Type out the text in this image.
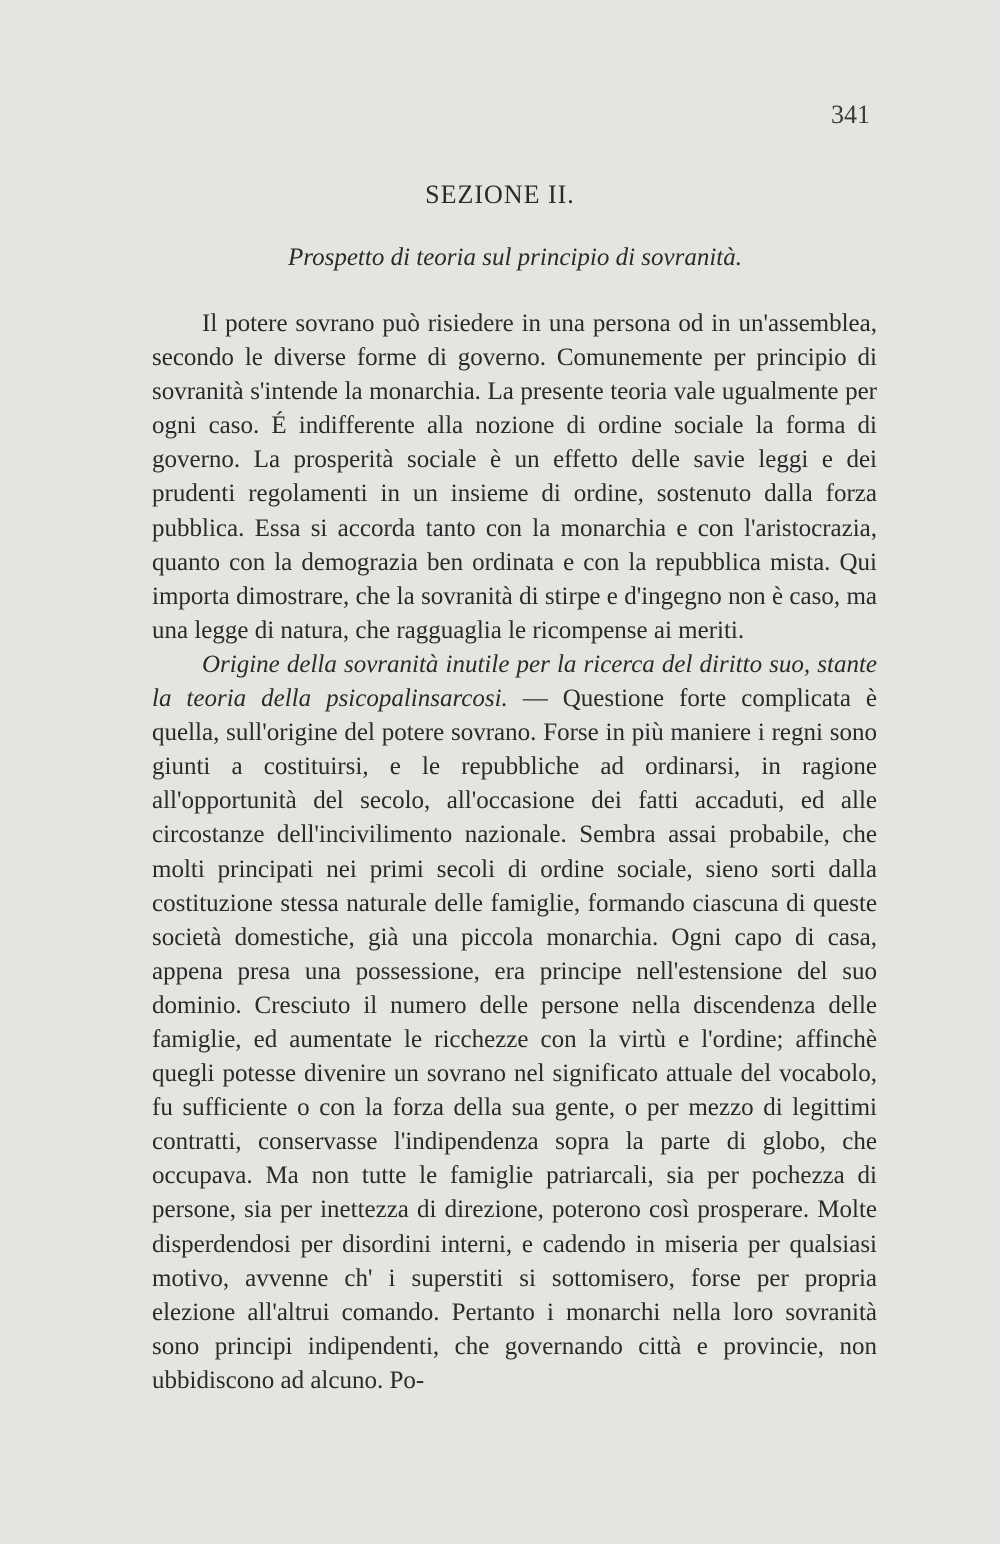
341
SEZIONE II.
Prospetto di teoria sul principio di sovranità.

Il potere sovrano può risiedere in una persona od in un'assemblea, secondo le diverse forme di governo. Comunemente per principio di sovranità s'intende la monarchia. La presente teoria vale ugualmente per ogni caso. É indifferente alla nozione di ordine sociale la forma di governo. La prosperità sociale è un effetto delle savie leggi e dei prudenti regolamenti in un insieme di ordine, sostenuto dalla forza pubblica. Essa si accorda tanto con la monarchia e con l'aristocrazia, quanto con la demograzia ben ordinata e con la repubblica mista. Qui importa dimostrare, che la sovranità di stirpe e d'ingegno non è caso, ma una legge di natura, che ragguaglia le ricompense ai meriti.

Origine della sovranità inutile per la ricerca del diritto suo, stante la teoria della psicopalinsarcosi. — Questione forte complicata è quella, sull'origine del potere sovrano. Forse in più maniere i regni sono giunti a costituirsi, e le repubbliche ad ordinarsi, in ragione all'opportunità del secolo, all'occasione dei fatti accaduti, ed alle circostanze dell'incivilimento nazionale. Sembra assai probabile, che molti principati nei primi secoli di ordine sociale, sieno sorti dalla costituzione stessa naturale delle famiglie, formando ciascuna di queste società domestiche, già una piccola monarchia. Ogni capo di casa, appena presa una possessione, era principe nell'estensione del suo dominio. Cresciuto il numero delle persone nella discendenza delle famiglie, ed aumentate le ricchezze con la virtù e l'ordine; affinchè quegli potesse divenire un sovrano nel significato attuale del vocabolo, fu sufficiente o con la forza della sua gente, o per mezzo di legittimi contratti, conservasse l'indipendenza sopra la parte di globo, che occupava. Ma non tutte le famiglie patriarcali, sia per pochezza di persone, sia per inettezza di direzione, poterono così prosperare. Molte disperdendosi per disordini interni, e cadendo in miseria per qualsiasi motivo, avvenne ch' i superstiti si sottomisero, forse per propria elezione all'altrui comando. Pertanto i monarchi nella loro sovranità sono principi indipendenti, che governando città e provincie, non ubbidiscono ad alcuno. Po-
